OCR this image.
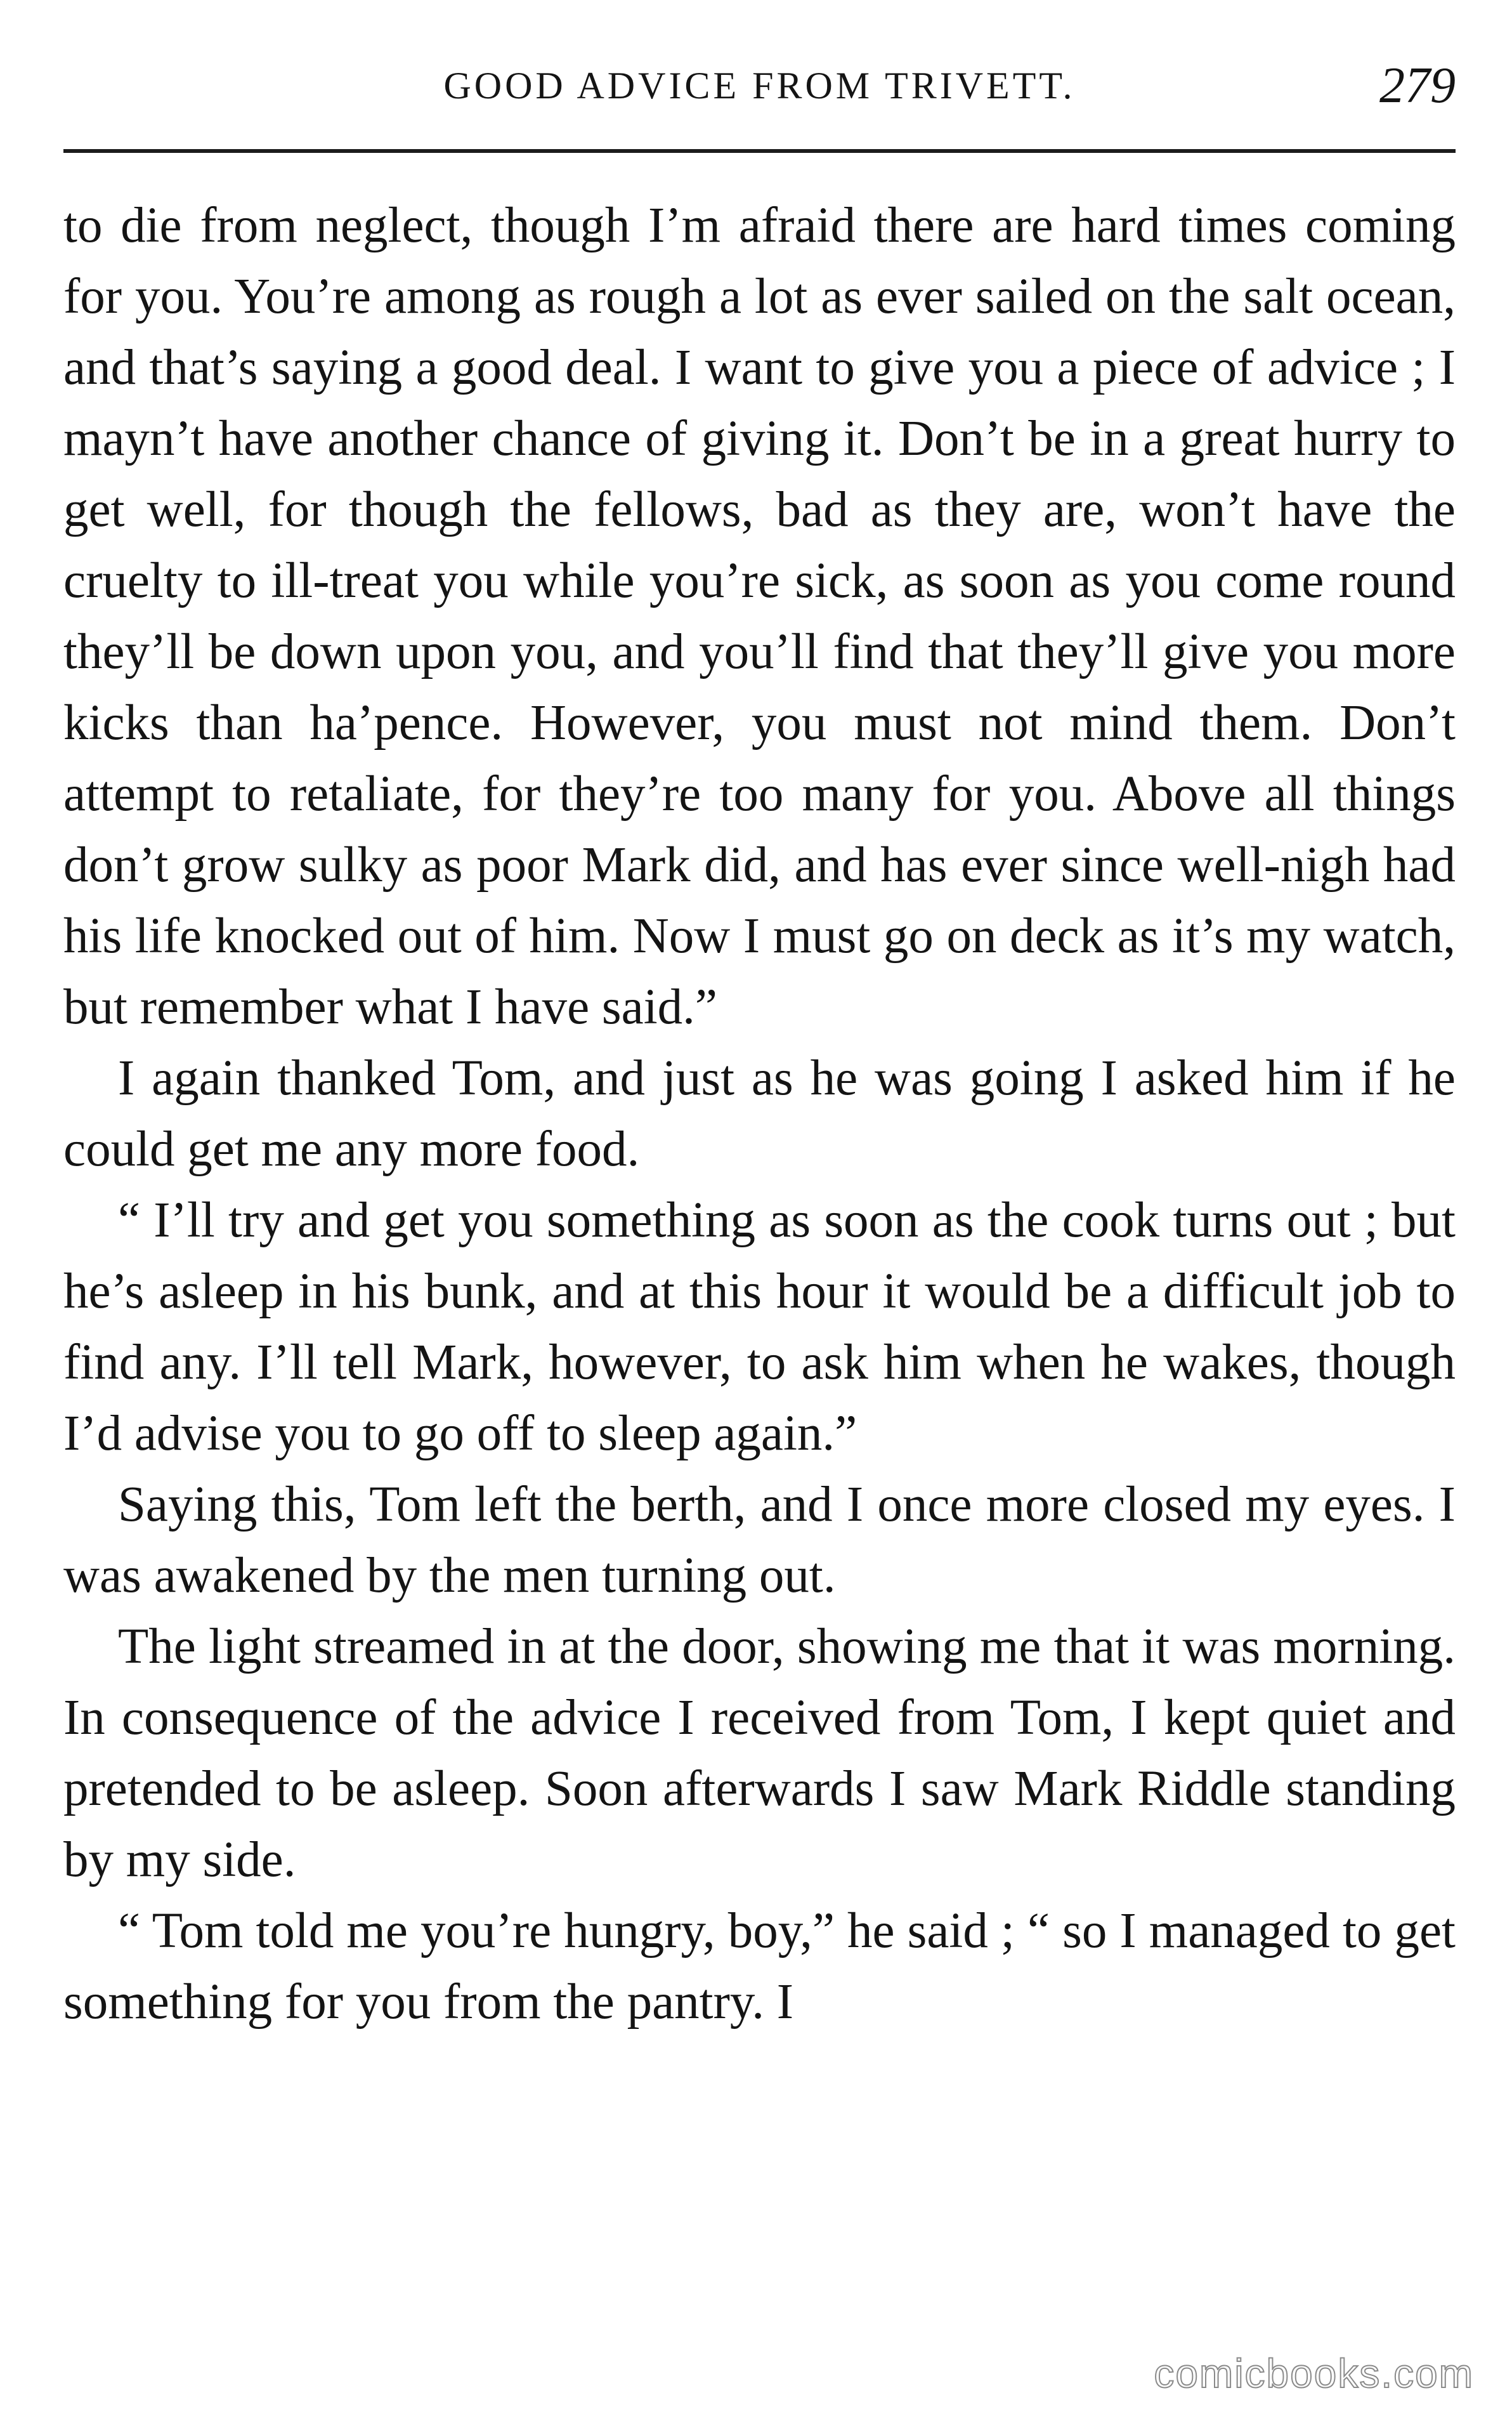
GOOD ADVICE FROM TRIVETT.	279

to die from neglect, though I’m afraid there are hard times coming for you. You’re among as rough a lot as ever sailed on the salt ocean, and that’s saying a good deal. I want to give you a piece of advice ; I mayn’t have another chance of giving it. Don’t be in a great hurry to get well, for though the fellows, bad as they are, won’t have the cruelty to ill-treat you while you’re sick, as soon as you come round they’ll be down upon you, and you’ll find that they’ll give you more kicks than ha’pence. However, you must not mind them. Don’t attempt to retaliate, for they’re too many for you. Above all things don’t grow sulky as poor Mark did, and has ever since well-nigh had his life knocked out of him. Now I must go on deck as it’s my watch, but remember what I have said.”

I again thanked Tom, and just as he was going I asked him if he could get me any more food.

“ I’ll try and get you something as soon as the cook turns out ; but he’s asleep in his bunk, and at this hour it would be a difficult job to find any. I’ll tell Mark, however, to ask him when he wakes, though I’d advise you to go off to sleep again.”

Saying this, Tom left the berth, and I once more closed my eyes. I was awakened by the men turning out.

The light streamed in at the door, showing me that it was morning. In consequence of the advice I received from Tom, I kept quiet and pretended to be asleep. Soon afterwards I saw Mark Riddle standing by my side.

“ Tom told me you’re hungry, boy,” he said ; “ so I managed to get something for you from the pantry. I

comicbooks.com
